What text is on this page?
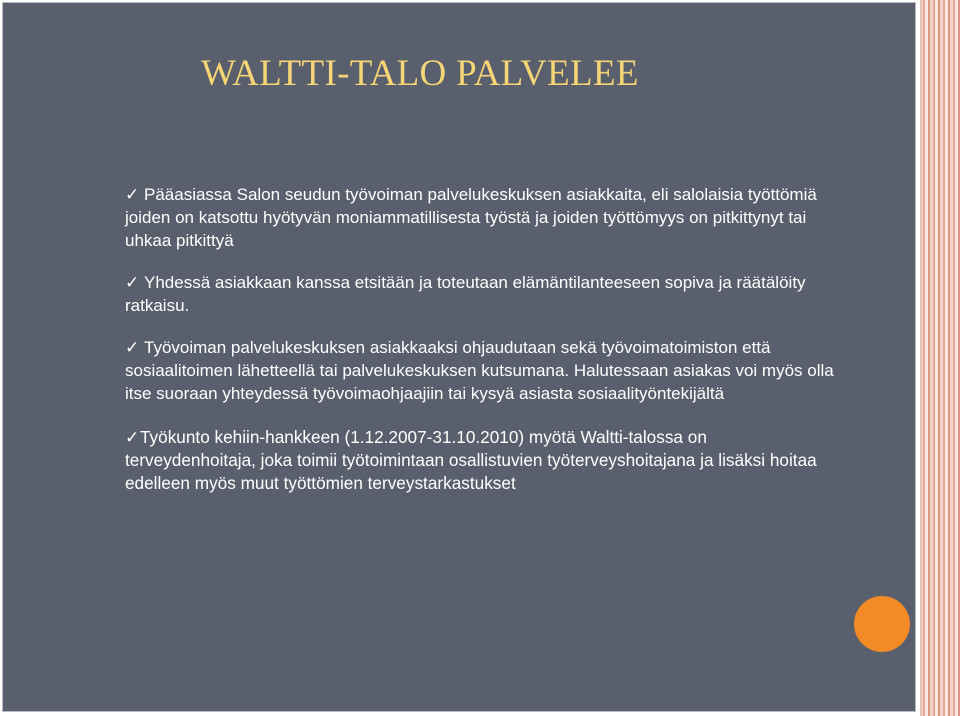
WALTTI-TALO PALVELEE

✓ Pääasiassa Salon seudun työvoiman palvelukeskuksen asiakkaita, eli salolaisia työttömiä joiden on katsottu hyötyvän moniammatillisesta työstä ja joiden työttömyys on pitkittynyt tai uhkaa pitkittyä

✓ Yhdessä asiakkaan kanssa etsitään ja toteutaan elämäntilanteeseen sopiva ja räätälöity ratkaisu.

✓ Työvoiman palvelukeskuksen asiakkaaksi ohjaudutaan sekä työvoimatoimiston että sosiaalitoimen lähetteellä tai palvelukeskuksen kutsumana. Halutessaan asiakas voi myös olla itse suoraan yhteydessä työvoimaohjaajiin tai kysyä asiasta sosiaalityöntekijältä

✓Työkunto kehiin-hankkeen (1.12.2007-31.10.2010) myötä Waltti-talossa on terveydenhoitaja, joka toimii työtoimintaan osallistuvien työterveyshoitajana ja lisäksi hoitaa edelleen myös muut työttömien terveystarkastukset
